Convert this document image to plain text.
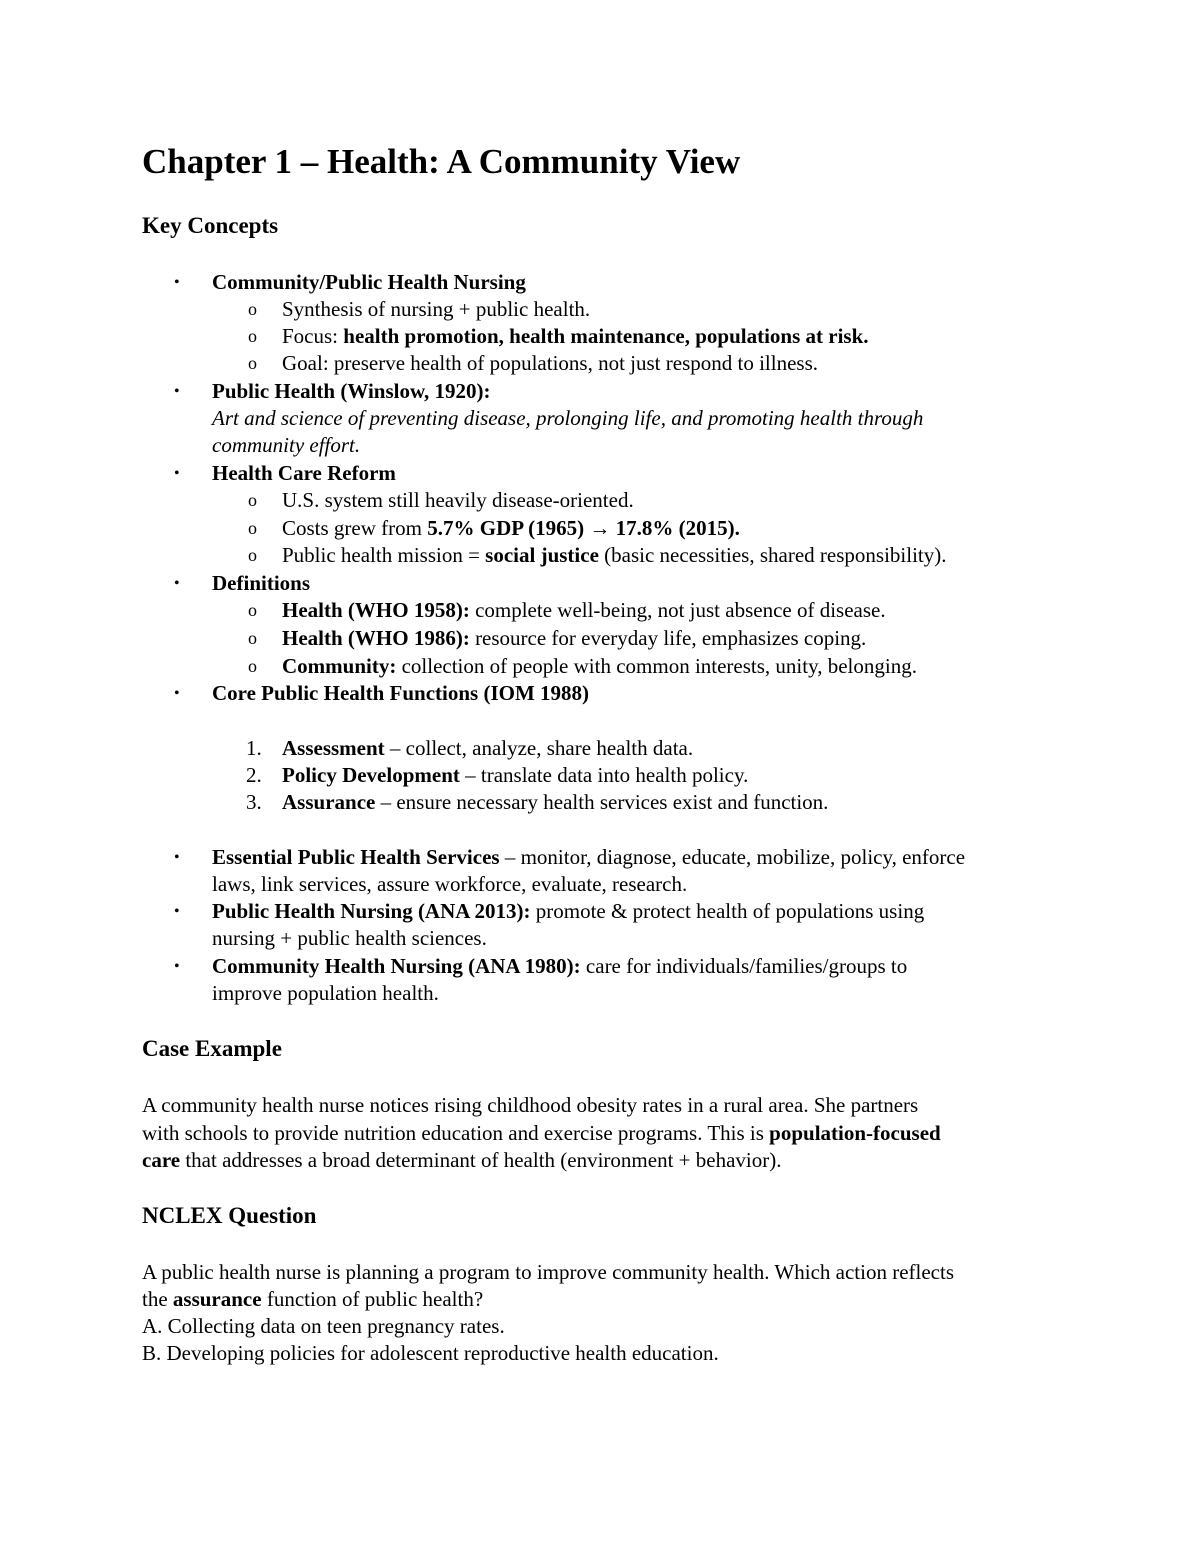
Chapter 1 – Health: A Community View
Key Concepts
• Community/Public Health Nursing
o Synthesis of nursing + public health.
o Focus: health promotion, health maintenance, populations at risk.
o Goal: preserve health of populations, not just respond to illness.
• Public Health (Winslow, 1920):
Art and science of preventing disease, prolonging life, and promoting health through
community effort.
• Health Care Reform
o U.S. system still heavily disease-oriented.
o Costs grew from 5.7% GDP (1965) → 17.8% (2015).
o Public health mission = social justice (basic necessities, shared responsibility).
• Definitions
o Health (WHO 1958): complete well-being, not just absence of disease.
o Health (WHO 1986): resource for everyday life, emphasizes coping.
o Community: collection of people with common interests, unity, belonging.
• Core Public Health Functions (IOM 1988)
1. Assessment – collect, analyze, share health data.
2. Policy Development – translate data into health policy.
3. Assurance – ensure necessary health services exist and function.
• Essential Public Health Services – monitor, diagnose, educate, mobilize, policy, enforce
laws, link services, assure workforce, evaluate, research.
• Public Health Nursing (ANA 2013): promote & protect health of populations using
nursing + public health sciences.
• Community Health Nursing (ANA 1980): care for individuals/families/groups to
improve population health.
Case Example
A community health nurse notices rising childhood obesity rates in a rural area. She partners
with schools to provide nutrition education and exercise programs. This is population-focused
care that addresses a broad determinant of health (environment + behavior).
NCLEX Question
A public health nurse is planning a program to improve community health. Which action reflects
the assurance function of public health?
A. Collecting data on teen pregnancy rates.
B. Developing policies for adolescent reproductive health education.
